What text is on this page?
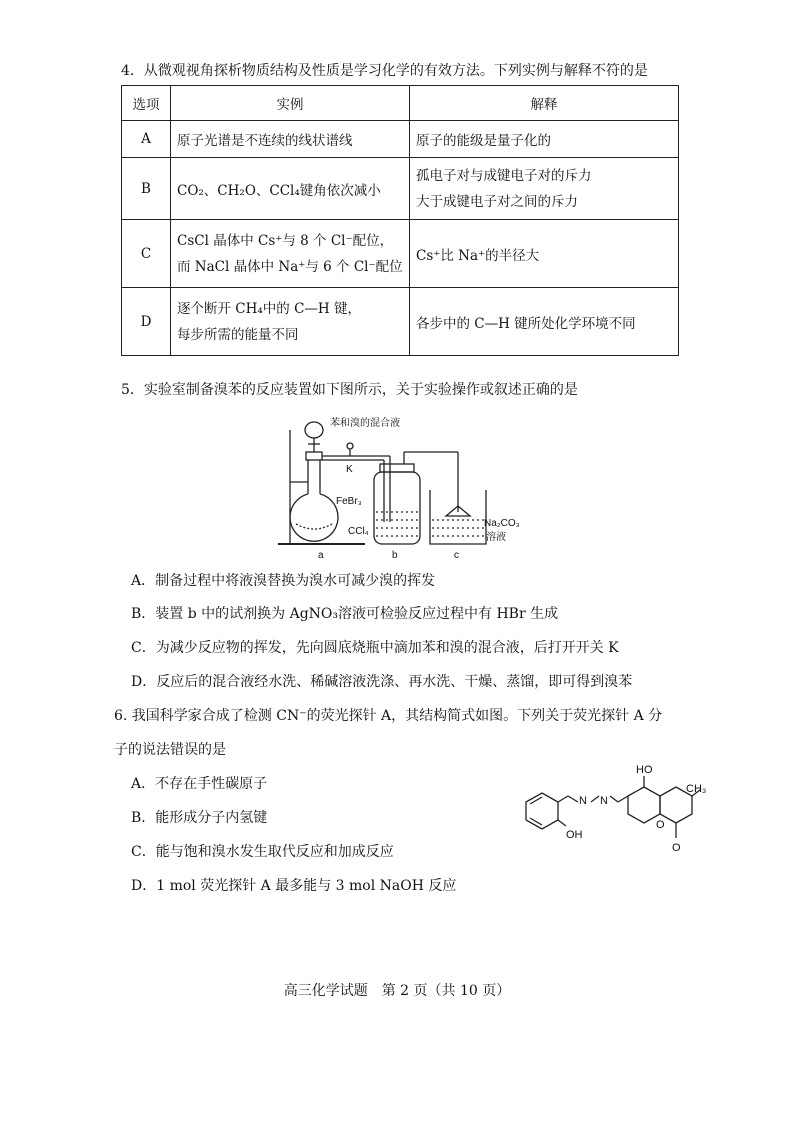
4．从微观视角探析物质结构及性质是学习化学的有效方法。下列实例与解释不符的是
选项	实例	解释
A	原子光谱是不连续的线状谱线	原子的能级是量子化的

B	CO₂、CH₂O、CCl₄键角依次减小	孤电子对与成键电子对的斥力
大于成键电子对之间的斥力

C	CsCl 晶体中 Cs⁺与 8 个 Cl⁻配位，
而 NaCl 晶体中 Na⁺与 6 个 Cl⁻配位	Cs⁺比 Na⁺的半径大

D	逐个断开 CH₄中的 C—H 键，
每步所需的能量不同	各步中的 C—H 键所处化学环境不同
5．实验室制备溴苯的反应装置如下图所示，关于实验操作或叙述正确的是
苯和溴的混合液
K
FeBr₃
CCl₄
Na₂CO₃
溶液
a	b	c
A．制备过程中将液溴替换为溴水可减少溴的挥发
B．装置 b 中的试剂换为 AgNO₃溶液可检验反应过程中有 HBr 生成
C．为减少反应物的挥发，先向圆底烧瓶中滴加苯和溴的混合液，后打开开关 K
D．反应后的混合液经水洗、稀碱溶液洗涤、再水洗、干燥、蒸馏，即可得到溴苯
6. 我国科学家合成了检测 CN⁻的荧光探针 A，其结构简式如图。下列关于荧光探针 A 分
子的说法错误的是
HO
OH
CH₃
N N
O
O
A．不存在手性碳原子
B．能形成分子内氢键
C．能与饱和溴水发生取代反应和加成反应
D．1 mol 荧光探针 A 最多能与 3 mol NaOH 反应
高三化学试题　第 2 页（共 10 页）
